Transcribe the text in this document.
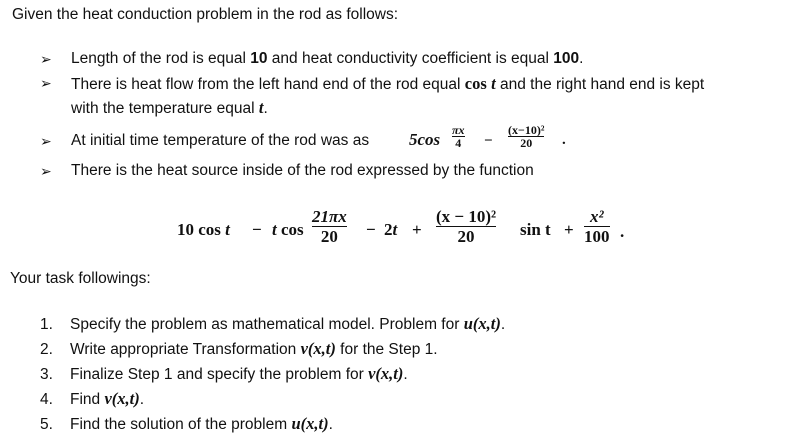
Given the heat conduction problem in the rod as follows:
➢ Length of the rod is equal 10 and heat conductivity coefficient is equal 100.
➢ There is heat flow from the left hand end of the rod equal cos t and the right hand end is kept
with the temperature equal t.
➢ At initial time temperature of the rod was as 5cos πx
4 −
(x−10)²
20 .
➢ There is the heat source inside of the rod expressed by the function
10 cos t − t cos
21πx
20 − 2t +
(x − 10)²
20	sin t +
x²
100 .
Your task followings:
1. Specify the problem as mathematical model. Problem for u(x,t).
2. Write appropriate Transformation v(x,t) for the Step 1.
3. Finalize Step 1 and specify the problem for v(x,t).
4. Find v(x,t).
5. Find the solution of the problem u(x,t).
